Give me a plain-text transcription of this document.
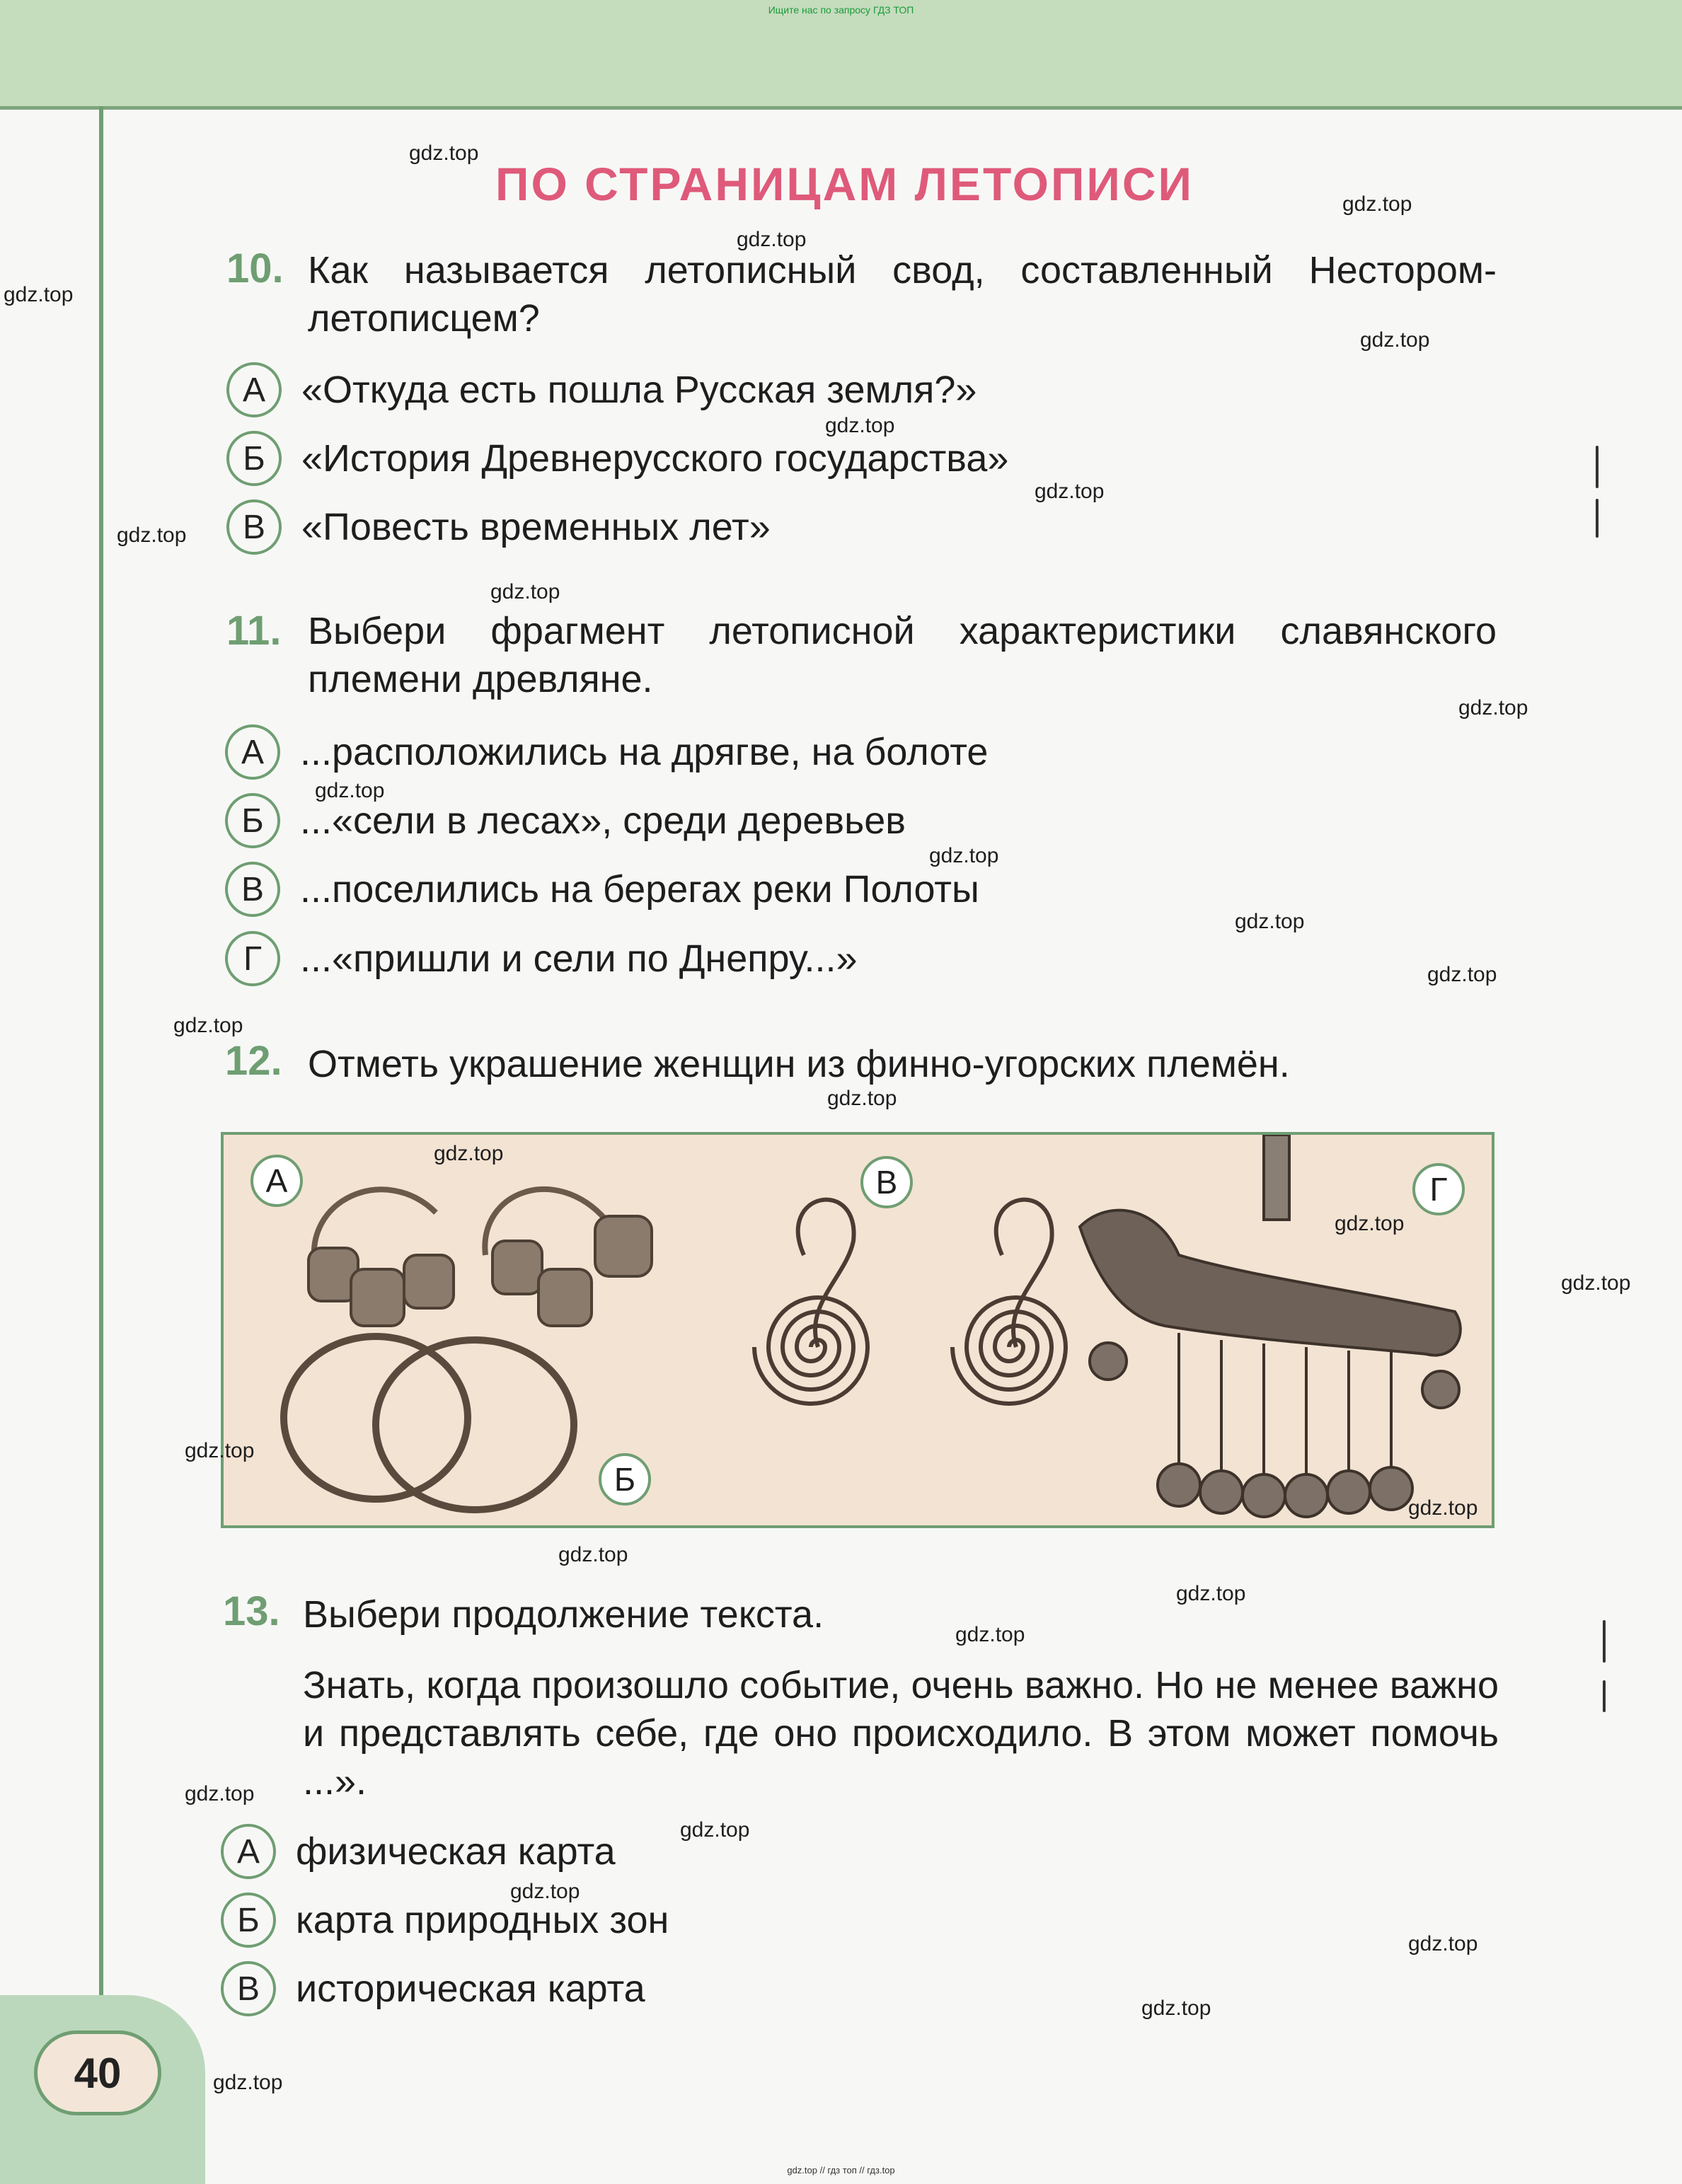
Ищите нас по запросу ГДЗ ТОП
40
ПО СТРАНИЦАМ ЛЕТОПИСИ
10. Как называется летописный свод, составленный Нестором-летописцем?

А «Откуда есть пошла Русская земля?»
Б «История Древнерусского государства»
В «Повесть временных лет»
11. Выбери фрагмент летописной характеристики славянского племени древляне.

А ...расположились на дрягве, на болоте
Б ...«сели в лесах», среди деревьев
В ...поселились на берегах реки Полоты
Г	...«пришли и сели по Днепру...»
12. Отметь украшение женщин из финно-угорских племён.

А
Б
В	Г
13. Выбери продолжение текста.

Знать, когда произошло событие, очень важно. Но не менее важно и представлять себе, где оно происходило. В этом может помочь ...».

А физическая карта
Б карта природных зон
В историческая карта
gdz.top
gdz.top
gdz.top
gdz.top
gdz.top
gdz.top
gdz.top
gdz.top
gdz.top
gdz.top
gdz.top
gdz.top
gdz.top
gdz.top
gdz.top
gdz.top
gdz.top
gdz.top
gdz.top
gdz.top
gdz.top
gdz.top
gdz.top
gdz.top
gdz.top
gdz.top
gdz.top
gdz.top
gdz.top
gdz.top
gdz.top // гдз топ // гдз.top
